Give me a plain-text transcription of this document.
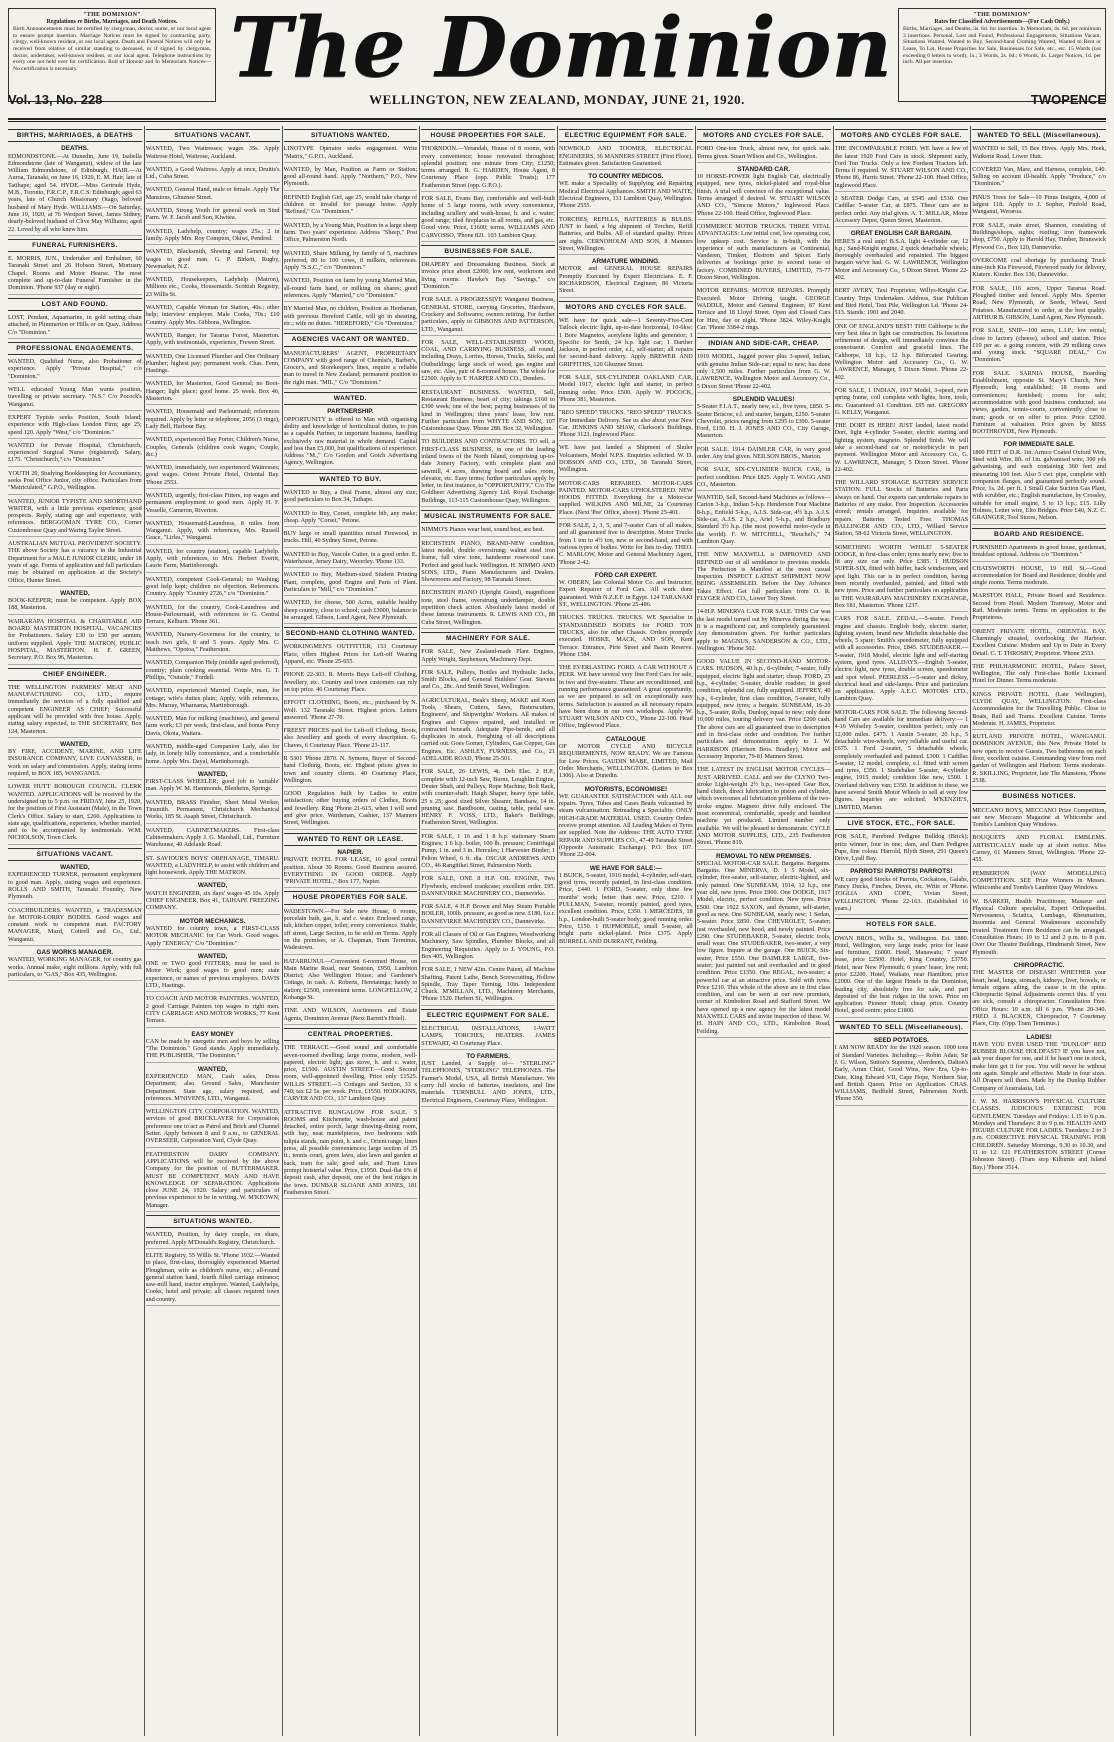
"THE DOMINION"
Regulations re Births, Marriages, and Death Notices.
Birth Announcements must be certified by clergyman, doctor, nurse, or our local agent to ensure prompt insertion. Marriage Notices must be signed by contracting party, clergy, well-known resident, or our local agent. Death and Funeral Notices will only be received from relative of similar standing to deceased, or if signed by clergyman, doctor, undertaker, well-known resident, or our local agent. Telephone instructions by every one not held over for certification. Roll of Honour and In Memoriam Notices—No certification is necessary.	The Dominion	"THE DOMINION"
Rates for Classified Advertisements—(For Cash Only.)
Births, Marriages, and Deaths, 3s. 6d. for insertion. In Memoriam, 4s. 6d. per minimum 3 insertions. Personal, Lost and Found, Professional Engagements, Situations Vacant, Situations Wanted, Wanted to Buy, Second-hand Clothing Wanted, Wanted to Rent or Lease, To Let, House Properties for Sale, Businesses for Sale, etc., etc. 15 Words (not exceeding 6 letters to word), 1s.; 3 Words, 2s. 6d.; 6 Words, 4s. Larger Notices, 1d. per inch. All per insertion.
WELLINGTON, NEW ZEALAND, MONDAY, JUNE 21, 1920.
Vol. 13, No. 228	TWOPENCE
BIRTHS, MARRIAGES, & DEATHS
DEATHS.
EDMONDSTONE.—At Dunedin, June 19, Isabella Edmondstone (late of Wanganui), widow of the late William Edmondstone, of Edinburgh. HAIR.—At Auroa, Taranaki, on June 16, 1920, E. M. Hair, late of Tatihape; aged 54. HYDE.—Miss Gertrude Hyde, M.B., Toronto, F.R.C.P., F.R.C.S. Edinburgh; aged 63 years, late of Church Missionary Otago, beloved husband of Mary Hyde. WILLIAMS.—On Saturday, June 19, 1920, at 76 Westport Street, James Sidney, dearly-beloved husband of Clive May Williams; aged 22. Loved by all who knew him.
FUNERAL FURNISHERS.
E. MORRIS, JUN., Undertaker and Embalmer, 60 Taranaki Street and 26 Hobson Street, Mortuary Chapel. Rooms and Motor Hearse. The most complete and up-to-date Funeral Furnisher in the Dominion. 'Phone 937 (day or night).
LOST AND FOUND.
LOST, Pendant, Aquamarine, in gold setting chain attached, in Plimmerton or Hills or on Quay. Address C/o "Dominion."
PROFESSIONAL ENGAGEMENTS.
WANTED, Qualified Nurse, also Probationer of experience. Apply "Private Hospital," c/o "Dominion."
WELL educated Young Man wants position, travelling or private secretary. "N.S." C/o Pocock's Wanganui.
EXPERT Typiste seeks Position, South Island; experience with High-class London Firm; age 25; speed 120. Apply "West," c/o "Dominion."
WANTED for Private Hospital, Christchurch, experienced Surgical Nurse (registered). Salary, £175. "Christchurch," c/o "Dominion."
YOUTH 20, Studying Bookkeeping for Accountancy, seeks Post Office Junior, city office. Particulars from "Matriculated," G.P.O., Wellington.
WANTED, JUNIOR TYPISTE AND SHORTHAND WRITER, with a little previous experience; good prospects. Reply, stating age and experience, with references. BERGGOMAN TYRE CO., Corner Customhouse Quay and Waring Taylor Street.
AUSTRALIAN MUTUAL PROVIDENT SOCIETY. THE above Society has a vacancy in the Industrial Department for a MALE JUNIOR CLERK, under 18 years of age. Forms of application and full particulars may be obtained on application at the Society's Office, Hunter Street.
WANTED,
BOOK-KEEPER; must be competent. Apply BOX 188, Masterton.
WAIRARAPA HOSPITAL & CHARITABLE AID BOARD. MASTERTON HOSPITAL. VACANCIES for Probationers. Salary £30 to £50 per annum; uniform supplied. Apply THE MATRON, PUBLIC HOSPITAL, MASTERTON. H. F. GREEN, Secretary. P.O. Box 96, Masterton.
CHIEF ENGINEER.
THE WELLINGTON FARMERS' MEAT AND MANUFACTURING CO., LTD., require immediately the services of a fully qualified and competent ENGINEER AS CHIEF; Successful applicant will be provided with free house. Apply, stating salary expected, to THE SECRETARY, Box 124, Masterton.
WANTED,
BY FIRE, ACCIDENT, MARINE, AND LIFE INSURANCE COMPANY, LIVE CANVASSER, to work on salary and commission. Apply, stating terms required, to BOX 185, WANGANUI.
LOWER HUTT BOROUGH COUNCIL. CLERK WANTED. APPLICATIONS will be received by the undersigned up to 5 p.m. on FRIDAY, June 25, 1920, for the position of First Assistant (Male), in the Town Clerk's Office. Salary to start, £260. Applications to state age, qualifications, experience, whether married, and to be accompanied by testimonials. W.M. NICHOLSON, Town Clerk.
SITUATIONS VACANT.
WANTED,
EXPERIENCED TURNER, permanent employment to good man. Apply, stating wages and experience. ROLLS AND SMITH, Taranaki Foundry, New Plymouth.
COACHBUILDERS. WANTED, a TRADESMAN for MOTOR-LORRY BODIES. Good wages and constant work to competent man. FACTORY MANAGER, Mazd, Cottrell and Co., Ltd., Wanganui.
GAS WORKS MANAGER.
WANTED, WORKING MANAGER, for country gas works. Annual make, eight millions. Apply, with full particulars, to "GAS," Box 435, Wellington.
SITUATIONS VACANT.
WANTED, Two Waitresses; wages 35s. Apply Waitrose Hotel, Waitrose, Auckland.
WANTED, a Good Waitress. Apply at once, Druitts's Ltd., Cuba Street.
WANTED, General Hand, male or female. Apply The Mansions, Ghuznee Street.
WANTED, Strong Youth for general work on Stud Farm. W. F. Jacob and Son, Kiwitea.
WANTED, Ladyhelp, country; wages 25s.; 2 in family. Apply Mrs. Roy Compton, Okiwi, Pendred.
WANTED, Blacksmith, Shoeing and General; top wages to good man. G. P. Birkett, Rugby, Newmarket, N.Z.
WANTED, Housekeepers, Ladyhelp (Matron), Millions etc., Cooks, Housemaids. Scottish Registry, 23 Willis St.
WANTED, Capable Woman for Station, 40s.; other help; interview employer. Male Cooks, 70s.; £10 Country. Apply Mrs. Gibbons, Wellington.
WANTED, Ranger, for Tararua Forest, Masterton. Apply, with testimonials, experience, Frewen Street.
WANTED, One Licensed Plumber and One Ordinary Plumber; highest pay; permanent work. Chas. Fenn, Hastings.
WANTED, for Masterton, Good General; no Boot-Hanger; light place; good home. 25 week. Box 46, Masterton.
WANTED, Housemaid and Parlourmaid; references required. Apply by letter or telephone, 2056 (3 rings), Lady Bell, Harbour Bay.
WANTED, experienced Bay Porter, Children's Nurse, Couples, Generals (children cook wages, Couple, &c.)
WANTED, immediately, two experienced Waitresses; good wages. Orient Private Hotel, Oriental Bay. 'Phone 2553.
WANTED, urgently, first-class Fitters, top wages and permanent employment to good men. Apply H. F. Vesselle, Cameron, Riverton.
WANTED, Housemaid-Laundress, 8 miles from Wanganui. Apply, with references, Mrs. Russell Grace, "Lirles," Wanganui.
WANTED, for country (station), capable Ladyhelp. Apply, with references, to Mrs. Herbert Everitt, Laurie Farm, Martinborough.
WANTED, competent Cook-General; no Washing; good help kept; children no objection. References. Country. Apply "Country 2726," c/o "Dominion."
WANTED, for the country, Cook-Laundress and House-Parlourmaid, with references to G. Central Terrace, Kelburn. 'Phone 361.
WANTED, Nursery-Governess for the country, to teach two girls, 8 and 5 years. Apply Mrs. C. Matthews, "Opotoa," Featherston.
WANTED, Companion Help (middle aged preferred), country; plain cooking essential. Write Mrs. G. T. Phillips, "Outside," Fordell.
WANTED, experienced Married Couple, man, for cottage; wife's duties plain; Apply, with references, Mrs. Murray, Whareama, Martinborough.
WANTED, Man for milking (machines), and general farm work; £3 per week, first-class, and bonus Percy Davis, Okoia, Waitara.
WANTED, middle-aged Companion Lady, also for lady, in lonely hilly convenience, and a comfortable home. Apply Mrs. Dayal, Martinborough.
WANTED,
FIRST-CLASS WHEELER; good job to 'suitable' man. Apply W. M. Hammonds, Blenheim, Springs.
WANTED, BRASS Finisher, Sheet Metal Worker, Tinsmith. Permanent, Christchurch Mechanical Works, 185 St. Asaph Street, Christchurch.
WANTED, CABINETMAKERS. First-class Cabinetmakers. Apply J. G. Marshall, Ltd., Furniture Warehouse, 40 Adelaide Road.
ST. SAVIOUR'S BOYS' ORPHANAGE, TIMARU. WANTED, a LADYHELP, to assist with children and light housework. Apply THE MATRON.
WANTED,
WATCH ENGINEER, six days' wages 45 10s. Apply CHIEF ENGINEER, Box 41, TAIHAPE FREEZING COMPANY.
MOTOR MECHANICS.
WANTED for country town, a FIRST-CLASS MOTOR MECHANIC for Car Work. Good wages. Apply "ENERGY," C/o "Dominion."
WANTED,
ONE or TWO good FITTERS; must be used to Motor Work; good wages to good men; state experience, or names of previous employers. DAVIS LTD., Hastings.
TO COACH AND MOTOR PAINTERS. WANTED, 2 good Carriage Painters top wages to right men. CITY CARRIAGE AND MOTOR WORKS, 77 Kent Terrace.
EASY MONEY
CAN be made by energetic men and boys by selling "The Dominion." Good stands. Apply immediately. THE PUBLISHER, "The Dominion."
WANTED,
EXPERIENCED MAN, Cash sales, Dress Department; also Ground Sales, Manchester Department. State age, salary required, and references. M'NIVEN'S, LTD., Wanganui.
WELLINGTON CITY CORPORATION. WANTED, services of good BRICKLAYER for Corporation; preference one to act as Patrol and Brick and Channel Setter. Apply between 8 and 9 a.m., to GENERAL OVERSEER, Corporation Yard, Clyde Quay.
FEATHERSTON DAIRY COMPANY. APPLICATIONS will be received by the above Company for the position of BUTTERMAKER. MUST BE COMPETENT MAN AND HAVE KNOWLEDGE OF SEPARATION. Applications close JUNE 24, 1920. Salary and particulars of previous experience to be in writing. W. M'KEOWN, Manager.
SITUATIONS WANTED.
WANTED, Position, by dairy couple, on share, preferred. Apply M'Donald's Registry, Christchurch.
ELITE Registry, 55 Willis St. 'Phone 1932.—Wanted to place, first-class, thoroughly experienced Married Ploughman, wife as children's nurse, etc.; all-round general station hand, fourth filled carriage entrance; saw-mill hand, tractor employee. Wanted, Ladyhelps, Cooks, hotel and private; all classes required town and country.
SITUATIONS WANTED.
LINOTYPE Operator seeks engagement. Write "Matrix," G.P.O., Auckland.
WANTED, by Man, Position as Farm or Station; good all-round hand. Apply "Northern," P.O., New Plymouth.
REFINED English Girl, age 25, would take charge of children or invalid for passage home. Apply "Refined," C/o "Dominion."
WANTED, by a Young Man, Position in a large sheep farm. Two years' experience. Address "Sheep," Post Office, Palmerston North.
WANTED, Share Milking, by family of 5, machines preferred, 80 to 100 cows, if milkers, references. Apply "S.S.C.," c/o "Dominion."
WANTED, Position on farm by young Married Man, all-round farm hand, or milking on shares; good references. Apply "Married," c/o "Dominion."
BY Married Man, no children, Position as Herdsman, with previous Hereford Cattle, will go in shearing, etc.; wife no duties. "HEREFORD," C/o "Dominion."
AGENCIES VACANT OR WANTED.
MANUFACTURERS' AGENT, PROPRIETARY COMPANY with good range of Chemist's, Barber's, Grocer's, and Storekeeper's lines, require a reliable man to travel in New Zealand; permanent position to the right man. "MIL," C/o "Dominion."
WANTED.
PARTNERSHIP.
OPPORTUNITY is offered to Man with organising ability and knowledge of horticultural duties, to join as a capable Partner, in important business, handling exclusively raw material in whole demand. Capital and less than £5,000, but qualifications of experience. Address "M.," C/o Gordon and Gotch Advertising Agency, Wellington.
WANTED TO BUY.
WANTED to Buy, a Deal Frame, almost any size; good particulars to Box 34, Taihape.
WANTED to Buy, Corset, complete bib, any make; cheap. Apply "Corset," Petone.
BUY large or small quantities mixed Firewood, in trucks. Hill, 40 Sydney Street, Petone.
WANTED to Buy, Vascole Cutter, in a good order. E. Waterhouse, Jersey Dairy, Waverley. 'Phone 133.
WANTED to Buy, Medium-sized Student Printing Plant, complete, good Engine and Parts of Plant. Particulars to "Mill," c/o "Dominion."
WANTED, for cheese, 500 Acres, suitable healthy sheep country, close to school; cash £3000, balance to be arranged. Gibson, Land Agent, New Plymouth.
SECOND-HAND CLOTHING WANTED.
WORKINGMEN'S OUTFITTER, 153 Courtenay Place, offers Highest Prices for Left-off Wearing Apparel, etc. 'Phone 25-655.
PHONE 22-303. R. Morris Buys Left-off Clothing, Jewellery, etc. Country and town customers can rely on top price. 46 Courtenay Place.
EFFOTT CLOTHING, Boots, etc., purchased by N. Wolf. 132 Taranaki Street. Highest prices. Letters answered. 'Phone 27-70.
FREEST PRICES paid for Left-off Clothing, Boots, also Jewellery and goods of every description. G. Chaves, 6 Courtenay Place. 'Phone 23-117.
R 5301 'Phone 2870. N. Symons, Buyer of Second-hand Clothing, Boots, etc. Highest prices given to town and country clients. 40 Courtenay Place, Wellington.
GOOD Regulation built by Ladies to entire satisfaction; other buying orders of Clothes, Boots and Jewellery. Ring 'Phone 21-615, when I will send and give price. Wardsman, Cashier, 137 Manners Street, Wellington.
WANTED TO RENT OR LEASE.
NAPIER.
PRIVATE HOTEL FOR LEASE, 16 good central position. About 30 Rooms. Good Business assured. EVERYTHING IN GOOD ORDER. Apply "PRIVATE HOTEL," Box 177, Napier.
HOUSE PROPERTIES FOR SALE.
WADESTOWN.—For Sale new House, 6 rooms, porcelain bath, gas, h. and c. water. Enclosed range, tub, kitchen copper, toilet; every convenience. Stable, off street, Large Section, to be sold on Terms. Apply on the premises, or A. Chapman, Tram Terminus, Wadestown.
HATARRUNUI.—Convenient 6-roomed House, on Main Marine Road, near Seatoun, £950, Lambton District; Also Wellington House; and Gardener's Cottage, in cash. A. Roberts, Heretaunga; handy to station; £2500, convenient terms. LONGFELLOW, 2 Kohanga St.
TINE AND WILSON, Auctioneers and Estate Agents, Dominion Avenue (Next Barrett's Hotel).
CENTRAL PROPERTIES.
THE TERRACE.—Good sound and comfortable seven-roomed dwelling; large rooms, modern, well-papered, electric light, gas stove, h. and c. water, price, £1500. AUSTIN STREET.—Good Second room, well-appointed dwelling, Price only £1525. WILLIS STREET.—3 Cottages and Section, 33 x 740; tax £2 5s. per week. Price, £1550. HODGKINS, CARVER AND CO., 137 Lambton Quay.
ATTRACTIVE BUNGALOW FOR SALE. 5 ROOMS and Kitchenette, wash-house and patent detached, entire porch, large drawing-dining room, with bay, neat mantelpieces, two bedrooms with tulipia stands, rain point, h. and c., Orient range, linen press, all possible conveniences; large section of 35 ft.; tennis court, green lawn, also lawn and garden at back, tram for sale, good sale, and Tram Lines prompt hoisterial value. Price, £1950. Dual-flat 6% if deposit cash, after deposit, one of the best ridges in the town. DUNBAR SLOANE AND JONES, 181 Featherston Street.
HOUSE PROPERTIES FOR SALE.
THORNDON.—Verandah, House of 8 rooms, with every convenience; house renovated throughout; splendid position; one minute from City; £1250; terms arranged. R. G. HARDEN, House Agent, 8 Courtenay Place (opp. Public Trusts); 177 Featherston Street (opp. G.P.O.).
FOR SALE, Evans Bay, comfortable and well-built home of 5 large rooms, with every convenience, including scullery and wash-house, h. and c. water; good range; tiled fireplaces in all rooms, and gas, etc. Good view. Price, £1600; terms. WILLIAMS AND CARVOSSO, 'Phone 821. 103 Lambton Quay.
BUSINESSES FOR SALE.
DRAPERY and Dressmaking Business. Stock at invoice price about £2000, low rent, workroom and living rooms. Hawke's Bay. "Savings," c/o "Dominion."
FOR SALE. A PROGRESSIVE Wanganui Business, GENERAL STORE, carrying Groceries, Hardware, Crockery and Softwares; owners retiring. For further particulars, apply to GIBBONS AND PATTERSON, LTD., Wanganui.
FOR SALE, WELL-ESTABLISHED WOOD, COAL, AND CARRYING BUSINESS, all round, including Drays, Lorries, Horses, Trucks, Sticks, and Outbuildings; large stock of wood; gas engine and saw, etc. Also, pair of 8-roomed house. The whole for £2500. Apply to T. HARPER AND CO., Denders.
RESTAURANT BUSINESS. WANTED, Sell, Restaurant Business, heart of city; takings £160 to £300 week; one of the best; paying businesses of its kind in Wellington; three years' lease, low rent. Further particulars from WHYTE AND SON, 107 Customhouse Quay. 'Phone 288. Box 32, Wellington.
TO BUILDERS AND CONTRACTORS. TO sell, a FIRST-CLASS BUSINESS, in one of the leading inland towns of the North Island, comprising up-to-date Joinery Factory, with complete plant and sawmill, 4 acres, drawing board and sales room, elevator, etc. Easy terms; further particulars apply by letter, in first instance, to "OPPORTUNITY," C/o The Goldbeer Advertising Agency Ltd. Royal Exchange Buildings, 113-115 Customhouse Quay, Wellington.
MUSICAL INSTRUMENTS FOR SALE.
NIMMO'S Pianos wear best, sound best, are best.
RECHSTEIN PIANO, BRAND-NEW condition, latest model, double overstrung; walnut steel iron frame, full view tone, handsome rosewood case. Perfect and good back. Wellington. H. NIMMO AND SONS, LTD., Piano Manufacturers and Dealers. Showrooms and Factory, 98 Taranaki Street.
BECHSTEIN PIANO (Upright Grand), magnificent tone, steel frame, overstrung underdamper, double repetition check action. Absolutely latest model of these famous instruments. R. LEWIS AND CO., 88 Cuba Street, Wellington.
MACHINERY FOR SALE.
FOR SALE, New Zealand-made Plant Engines, Apply Wright, Stephenson, Machinery Dept.
FOR SALE, Pulleys, Bottles and Hydraulic Jacks, Smith Blocks, and General Builders' Gear. Stevens and Co., 28c. And Smith Street, Wellington.
AGRICULTURAL, Beak's Sheep, MAKE and Keen Tools, Shears, Cutters, Saws, Bisterscutters, Engineers', and Shipwrights' Workers. All makes of Engines and Cupees repaired, and installed or contracted beneath. Adequate Pipe-bends, and all duplicates in stock. Freighting of all descriptions carried out. Goes Gomer, Cylinders, Gas Copper, Gas Engines, Etc. ASHLEY, FURNESS, and Co., 21 ADELAIDE ROAD, 'Phone 25-501.
FOR SALE, 26 LEWIS, 4t. Deh Elec. 2 H.P., complete with 12-inch Saw, Burns, Loughlin Engine, Deuter Shaft, and Pulleys, Rope Machine, Bolt Rack, with counter-shaft. Haigh Shaper, heavy type table, 25 x 25; good sized Silver Shearer, Bandsaw, 14 in. pruning saw. Bandboom, casting, table, pedal saw. HENRY F. VOSS, LTD., Baker's Buildings, Featherston Street, Wellington.
FOR SALE, 1 16 and 1 8 h.p. stationary Steam Engines; 1 6 h.p. boiler, 100 lb. pressure; Centrifugal Pump, 1 in. and 3 in. Hercules; 1 Harvester Binder; 1 Pelton Wheel, 6 ft. dia. OSCAR ANDREWS AND CO., 46 Rangitikei Street, Palmerston North.
FOR SALE, ONE 8 H.P. OIL ENGINE, Two Flywheels, enclosed crankcase; excellent order. £95. DANNEVIRKE MACHINERY CO., Dannevirke.
FOR SALE, 4 H.P. Brown and May Steam Portable BOILER, 100lb. pressure, as good as new. £180, f.o.r. DANNEVIRKE MACHINERY CO., Dannevirke.
FOR all Classes of Oil or Gas Engines, Woodworking Machinery, Saw Spindles, Plumber Blocks, and all Engineering Requisites. Apply to J. YOUNG, P.O. Box 405, Wellington.
FOR SALE, 1 NEW 42in. Centre Patent, all Machine Shafting, Patent Lathe, Bench Screwcutting, Hollow Spindle, Tray Taper Turning, 10in. Independent Chuck. M'MILLAN, LTD., Machinery Merchants, 'Phone 1520. Herbert St., Wellington.
ELECTRIC EQUIPMENT FOR SALE.
ELECTRICAL INSTALLATIONS, 1-WATT LAMPS, TORCHES, HEATERS. JAMES STEWART, 43 Courtenay Place.
TO FARMERS.
JUST Landed, a Supply of— "STERLING" TELEPHONES, "STERLING" TELEPHONES. The Farmer's Model, USA, all British Manufacture. We carry full stocks of batteries, insulators, and line materials. TURNBULL AND JONES, LTD., Electrical Engineers, Courtenay Place, Wellington.
ELECTRIC EQUIPMENT FOR SALE.
NEWBOLD AND TOOMER, ELECTRICAL ENGINEERS, 36 MANNERS STREET (First Floor). Estimates given. Satisfaction Guaranteed.
TO COUNTRY MEDICOS.
WE make a Speciality of Supplying and Repairing Medical Electrical Appliances. SMITH AND WAITE, Electrical Engineers, 131 Lambton Quay, Wellington. 'Phone 2555.
TORCHES, REFILLS, BATTERIES & BULBS. JUST to hand, a big shipment of Torches, Refill Batteries, and Bulbs. All of standard quality. Prices are right. CERNOHOLM AND SON, 8 Manners Street, Wellington.
ARMATURE WINDING.
MOTOR and GENERAL HOUSE REPAIRS Promptly Executed by Expert Electricians. E. F. RICHARDSON, Electrical Engineer, 86 Victoria Street.
MOTORS AND CYCLES FOR SALE.
WE have for quick sale—1 Seventy-Five-Cent Tatlock electric light, up-to-date horizontal, 10-6kw; 1 Bore Magnetos, acetylene lights and generator; 1 Specific for Smith, 24 h.p. light car; 1 Darther Jackson, in perfect order, e.l., self-starter; all repairs for second-hand delivery. Apply BREWER AND GRIFFITHS, 120 Ghuznee Street.
FOR SALE, SIX-CYLINDER OAKLAND CAR, Model 1917, electric light and starter, in perfect running order. Price £500. Apply W. POCOCK, 'Phone 381, Masterton.
"REO SPEED" TRUCKS. "REO SPEED" TRUCKS. For Immediate Delivery. See us also about your New Car. JENKINS AND SHAW, Clarkson's Buildings, 'Phone 3123. Inglewood Place.
WE have just landed a Shipment of Shuler Volcanisers, Model N.P.S. Enquiries solicited. W. D. DOBSON AND CO., LTD., 38 Taranaki Street, Wellington.
MOTOR-CARS REPAIRED. MOTOR-CARS PAINTED. MOTOR-CARS UPHOLSTERED. NEW HOODS FITTED. Everything for a Motor-car supplied. WILKINS AND MILNE, 2a Courtenay Place. (Next 'Pee' Office, above). 'Phone 25-401.
FOR SALE, 2, 3, 5, and 7-seater Cars of all makes, and all guaranteed free to description. Motor Trucks from 1 ton to 4½ ton, new or second-hand, and with various types of bodies. Write for lists to-day. THEO. C. MARLOW, Motor and General Machinery Agent, 'Phone 2-42.
FORD CAR EXPERT.
W. OBERN, late Colonial Motor Co. and Instructor, Expert Repairer of Ford Cars. All work done guaranteed. With N.Z.E.F. in Egypt. 124 TARANAKI ST., WELLINGTON. 'Phone 25-486.
TRUCKS. TRUCKS. TRUCKS. WE Specialise in STANDARDISED BODIES for FORD TON TRUCKS, also for other Chassis. Orders promptly executed. HOSKE, MACK, AND SON, Kent Terrace. Entrance, Pirie Street and Basin Reserve. 'Phone 1584.
THE EVERLASTING FORD. A CAR WITHOUT A PEER. WE have several very fine Ford Cars for sale, in two and five-seaters. These are reconditioned, and running performance guaranteed. A great opportunity, as we are prepared to sell on exceptionally easy terms. Satisfaction is assured as all necessary repairs have been done in our own workshops. Apply W. STUART WILSON AND CO., 'Phone 22-100. Head Office, Inglewood Place.
CATALOGUE
OF MOTOR CYCLE AND BICYCLE REQUIREMENTS, NOW READY. We are Famous for Low Prices. GAUDIN MABE, LIMITED, Mail Order Merchants, WELLINGTON. (Letters to Box 1306). Also at Dunedin.
MOTORISTS, ECONOMISE!
WE GUARANTEE SATISFACTION with ALL our repairs. Tyres, Tubes and Cases Beads vulcanised by steam vulcanisation. Retreading a Speciality. ONLY HIGH-GRADE MATERIAL USED. Country Orders receive prompt attention. All Leading Makes of Tyres are supplied. Note the Address: THE AUTO TYRE REPAIR AND SUPPLIES CO., 47-49 Taranaki Street (Opposite Automatic Exchange). P.O. Box 107. 'Phone 22-004.
WE HAVE FOR SALE:—
1 BUICK, 5-seater, 1916 model, 4-cylinder, self-start, good tyres, recently painted, in first-class condition. Price, £440. 1 FORD, 5-seater, only done few months' work; better than new. Price, £210. 1 PULLMAN, 5-seater, recently painted, good tyres, excellent condition. Price, £350. 1 MERCEDES, 18 h.p., London-built 5-seater body; good running order. Price, £150. 1 HUPMOBILE, small 5-seater, all bright parts nickel-plated. Price £375. Apply BURRELL AND DURRANT, Feilding.
MOTORS AND CYCLES FOR SALE.
FORD One-ton Truck, almost new, for quick sale. Terms given. Stuart Wilson and Co., Wellington.
STANDARD CAR.
10 HORSE-POWER light English Car, electrically equipped, new tyres, nickel-plated and royal-blue finish. A trial will convince of the exceptional value. Terms arranged if desired. W. STUART WILSON AND CO., "Simcoe Motors," Inglewood Place. 'Phone 22-100. Head Office, Inglewood Place.
COMMERCE MOTOR TRUCKS. THREE VITAL ADVANTAGES: Low initial cost, low operating cost, low upkeep cost. Service is in-built, with the experience of such manufacturers as Continental, Vanderen, Timken, Ekstrom and Spicer. Early deliveries at bookings prior to second issue of factory. COMBINED BUYERS, LIMITED, 75-77 Dixon Street, Wellington.
MOTOR REPAIRS. MOTOR REPAIRS. Promptly Executed. Motor Driving taught. GEORGE WADDLE, Motor and General Engineer, 87 Kent Terrace and 18 Lloyd Street. Open and Closed Cars for Hire, day or night. 'Phone 3824. Wiley-Knight Car. 'Phone 3384-2 rings.
INDIAN AND SIDE-CAR, CHEAP.
1919 MODEL, Jagged power plus 3-speed, Indian, with genuine Indian Side-car; equal to new; has done only 1,500 miles. Further particulars from G. W. LAWRENCE, Wellington Motor and Accessory Co., 5 Dixon Street 'Phone 22-402.
SPLENDID VALUES!
5-Seater F.I.A.T., nearly new, e.l., five tyres, £850. 5-Seater Briscoe, e.l. and starter, bargain, £250. 5-seater Chevrolet, prices ranging from £295 to £390. 5-seater Ford, £150. H. J. JONES AND CO., City Garage, Masterton.
FOR SALE. 1914 DAIMLER CAR, in very good order. Any trial given. NEILSON BROS., Marton.
FOR SALE, SIX-CYLINDER BUICK CAR, in perfect condition. Price £825. Apply T. WAGG AND CO., Masterton.
WANTED, Sell, Second-hand Machines as follows—Carton 3-h.p., Indian 5-h.p. Henderson Four Machine 8-h.p., Enfield 5-h.p., A.J.S. Side-car, 4½ h.p. A.J.S. Side-car, A.J.S. 2 h.p., Ariel 5-h.p., and Bradbury Standard 3½ h.p. (the most powerful motor-cycle in the world). F. W. MITCHELL, "Reuchel's," 74 Lambton Quay.
THE NEW MAXWELL is IMPROVED AND REFINED out of all semblance to previous models. The Perfection is Manifest at the most casual inspection. INSPECT LATEST SHIPMENT NOW BEING ASSEMBLED. Before the Day Advance Takes Effect. Get full particulars from O. R. FLYGER AND CO., Lower Tory Street.
14-H.P. MINERVA CAR FOR SALE. THIS Car was the last model turned out by Minerva during the war. It is a magnificent car, and completely guaranteed. Any demonstration given. For further particulars apply to MAGNUS, SANDERSON & CO., LTD., Wellington. 'Phone 502.
GOOD VALUE IN SECOND-HAND MOTOR-CARS. HUDSON, 40 h.p., 6-cylinder, 7-seater, fully equipped, electric light and starter; cheap. FORD, 25 h.p., 4-cylinder, 5-seater, double roadster, in good condition, splendid car, fully equipped. JEFFREY, 40 h.p., 6-cylinder, first class condition, 5-seater, fully equipped, new tyres; a bargain. SUNBEAM, 16-20 h.p., 5-seater, Rolls, Dunlop; equal to new; only done 10,000 miles, touring delivery van. Price £200 cash. The above cars are all guaranteed true to description and in first-class order and condition. For further particulars and demonstration apply to J. W. HARRISON (Harrison Bros. Bradley), Motor and Accessory Importer, 79-81 Manners Street.
THE LATEST IN ENGLISH MOTOR CYCLES—JUST ARRIVED. CALL and see the CLYNO Two-stroke Light-weight 2½ h.p., two-speed Gear Box, hand clutch, direct lubrication to piston and cylinder, which overcomes all lubrication problems of the two-stroke engine. Magneto drive fully enclosed. The most economical, comfortable, speedy and handiest machine yet produced. Limited number only available. We will be pleased to demonstrate. CYCLE AND MOTOR SUPPLIES, LTD., 235 Featherston Street. 'Phone 819.
REMOVAL TO NEW PREMISES.
SPECIAL MOTOR-CAR SALE. Bargains. Bargains. Bargains. One MINERVA, D. 1 5 Model, six-cylinder, five-seater, self-starter, electric-lighted, and only painted. One SUNBEAM, 1914, 12 h.p., one year old, new tyres. Price £900. One DODGE, 1917 Model, electric, perfect condition. New tyres. Price £500. One 1922 SAXON, and dynamo, self-starter, good as new. One SUNBEAM, nearly new; 1 Sedan, 5-seater. Price £850. One CHEVROLET, 5-seater; just overhauled, new hood, and newly painted. Price £290. One STUDEBAKER, 5-seater, electric tools, small wear. One STUDEBAKER, two-seater, a very low figure. Inquire at the garage. One BUICK, Six-seater, Price £550. One DAIMLER LARGE, five-seater; just painted out and overhauled and in good condition. Price £1350. One REGAL, two-seater; a powerful car at an attractive price. Sold with tyres. Price £210. This whole of the above are in first class condition, and can be seen at our new premises, corner of Kimbolton Road and Stafford Street. We have opened up a new agency for the latest model MAXWELL CARS and invite inspection of these. W. H. HAIN AND CO., LTD., Kimbolton Road, Feilding.
MOTORS AND CYCLES FOR SALE.
THE INCOMPARABLE FORD. WE have a few of the latest 1920 Ford Cars in stock. Shipment early, Ford Ton Trucks. Only a few Fordson Tractors left. Terms if required. W. STUART WILSON AND CO., 'Phone 86, Harris Street. 'Phone 22-100. Head Office, Inglewood Place.
2 SEATER Dodge Cars, at £545 and £530. One Cadillac 5-seater Car, at £875. These cars are in perfect order. Any trial given. A. T. MILLAR, Motor Accessory Depot, Queen Street, Masterton.
GREAT ENGLISH CAR BARGAIN.
HERE'S a real snip! B.S.A. light 4-cylinder car, 12 h.p.; Sand-Knight engine, 2 quick detachable wheels; thoroughly overhauled and repainted. The biggest bargain we've had. G. W. LAWRENCE, Wellington Motor and Accessory Co., 5 Dixon Street. 'Phone 22-402.
BERT AVERY, Taxi Proprietor, Willys-Knight Car. Country Trips Undertaken. Address, Star Publican and Bird Hotel, Taxi Pile, Wellington Ld. 'Phone 24-513. Stands: 1901 and 2040.
ONE OF ENGLAND'S BEST! THE Calthorpe is the very best idea in light car construction. Its luxurious refinement of design, will immediately convince the connoisseur. Comfort and graceful lines. The Calthorpe, 18 h.p., 12 h.p. Bifurcated Gearing. Wellington Motor and Accessory Co., G. W. LAWRENCE, Manager, 5 Dixon Street. 'Phone 22-402.
FOR SALE, 1 INDIAN, 1917 Model, 3-speed, twin spring frame, coil complete with lights, horn, tools, etc. Guaranteed A1 Condition. £95 net. GREGORY G. KELLY, Wanganui.
THE DORT IS HERE! JUST landed, latest model Dort, light 4-cylinder 5-seater, electric starting and lighting system, magneto. Splendid finish. We will take a second-hand car or motorbicycle in part payment. Wellington Motor and Accessory Co., G. W. LAWRENCE, Manager, 5 Dixon Street. 'Phone 22-402.
THE WILLARD STORAGE BATTERY SERVICE STATION. FULL Stocks of Batteries and Parts always on hand. Our experts can undertake repairs to Batteries of any make. Free Inspection. Accessories stored; rentals arranged. Inquiries available for repairs. Batteries Tested Free. THOMAS BALLINGER AND CO., LTD., Willard Service Station, 58-62 Victoria Street, WELLINGTON.
SOMETHING WORTH WHILE! 5-SEATER DODGE, in first-class order; tyres nearly new; five to fit any size car only. Price £385. 1 HUDSON SUPER-SIX, fitted with buffer, back windscreen, and spot light. This car is in perfect condition, having been recently overhauled, painted, and fitted with new tyres. Price and further particulars on application to THE WAIRARAPA MACHINERY EXCHANGE, Box 181, Masterton. 'Phone 1237.
CARS FOR SALE. ZEDAL.—5-seater. French engine and chassis. English body, electric starter, lighting system, brand new Michelin detachable disc wheels, 5 spare: Smith's speedometer, fully equipped with all accessories. Price, £845. STUDEBAKER.—5-seater, 1918 Model, electric light and self-starting system, good tyres. ALLDAYS.—English 5-seater, electric light, new tyres, double screen, speedometer and spot wheel. PEERLESS.—5-seater and dickey, electrical head and side-lamps. Price and particulars on application. Apply A.E.C. MOTORS LTD., Lambton Quay.
MOTOR-CARS FOR SALE. The following Second-hand Cars are available for immediate delivery:— 1 4-16 Wolseley 5-seater, condition perfect; only run 12,000 miles. £475. 1 Austin 5-seater, 20 h.p., 5 detachable wire-wheels, very reliable and useful car. £675. 1 Ford 2-seater, 5 detachable wheels, completely overhauled and painted. £300. 1 Cadillac 5-seater, 12 model, complete, e.l. fitted with screen and tyres, £350. 1 Studebaker 5-seater, 4-cylinder engine, 1915 model; condition like new, £500. 1 Overland delivery van; £350. In addition to these, we have several Smith Motor Wheels to sell at very low figures. Inquiries are solicited. M'KENZIE'S, LIMITED, Marton.
LIVE STOCK, ETC., FOR SALE.
FOR SALE, Purebred Pedigree Bulldog (Brick); price winner, four in one; dam, and Dam Pedigree Pups, fine colour. Harrold, Blyth Street, 291 Queen's Drive, Lyall Bay.
PARROTS! PARROTS! PARROTS!
WE carry good Stocks of Parrots, Cockatoos, Galahs, Fancy Ducks, Finches, Doves, etc. Write or 'Phone. TOGLIA AND COPE, Vivian Street, WELLINGTON. 'Phone 22-163. (Established 16 years.)
HOTELS FOR SALE.
DWAN BROS., Willis St., Wellington. Est. 1880. Hotel, Wellington, very large trade; price for lease and furniture, £6000. Hotel, Manawatu; 7 years' lease, price £2500. Hotel, King Country, £3750. Hotel, near New Plymouth; 6 years' lease; low rent; price £2200. Hotel, Waikato, near Hamilton; price £2000. One of the largest Hotels in the Dominion, leading city, absolutely free for sale, and part deposited of the best ridges in the town. Price on application. Pioneer Hotel; cheap price. Country Hotel, good centre; price £1800.
WANTED TO SELL (Miscellaneous).
SEED POTATOES.
I AM NOW READY for the 1920 season. 1000 tons of Standard Varieties. Including:— Robin Adair, Sir J. G. Wilson, Sutton's Supreme, Aberdeen's, Dalton's Early, Arran Chief, Good Wins, New Era, Up-to-Date, King Edward VII, Cape Hope, Northern Star, and British Queen. Price on Application. CHAS. WILLIAMS, Bedfield Street, Palmerston North. 'Phone 350.
WANTED TO SELL (Miscellaneous).
WANTED to Sell, 15 Bee Hives. Apply Mrs. Heek, Waikerie Road, Lower Hutt.
COVERED Van, Mare, and Harness, complete, £40. Selling on account ill-health. Apply "Produce," c/o "Dominion."
PINUS Trees for Sale—10 Pinus Insignis, 4,000 of largest 11ft. Apply to J. Sopher, Pinfold Road, Wanganui, Weraroa.
FOR SALE, main street, Shannon, consisting of Buildings/shops, sights; roofing; iron framework shop, £750. Apply to Harold Hay, Timber, Brunswick Plywood Co., Box 120, Dannevirke.
OVERCOME coal shortage by purchasing Truck nine-inch Kia Firewood, Firewood ready for delivery, Kiatere. Kinder. Box 136, Dannevirke.
FOR SALE, 116 acres, Upper Tararua Road. Ploughed timber and fenced. Apply Mrs. Sperrier Road, New Plymouth, or Seeds, Wheat, Seed Potatoes. Manufactured to order, at the best quality. ARTHUR B. GIBSON, Land Agent, New Plymouth.
FOR SALE, SNIP—100 acres, L.I.P.; low rental; close to factory (cheese), school and station. Price £10 per ac. a going concern, with 29 milking cows and young stock. "SQUARE DEAL," C/o "Dominion."
FOR SALE. SARNIA HOUSE, Boarding Establishment, opposite St. Mary's Church, New Plymouth; long established; 18 rooms and conveniences; furnished; rooms for sale; accommodation with good business conducted; sea views, garden, tennis-courts, conveniently close to tram; goods or on offer to price. Price £2500. Furniture at valuation. Price given by MISS BOOTHROYDE, New Plymouth.
FOR IMMEDIATE SALE.
1800 FEET of D.R. 1in. Armco Coated Oxford Wire, Steel with Wire, 8ft. of 1in. galvanised wire, 300 yds galvanising, and each containing 360 feet and measuring 100 feet. Also 5 cwt. pipe, complete with companion flanges, and guaranteed perfectly sound. Price, 1s. 2d. per ft. 1 Small Cake Suction Gas Plant, with scrubber, etc.; English manufacture, by Crossley, suitable for small engine, 5 to 13 h.p.; £15. Lilly Holmes, Letter wire, Elto Bridges. Price £40, N.Z. C. GRAINGER, Tool Stores, Nelson.
BOARD AND RESIDENCE.
FURNISHED Apartments in good house, gentleman, breakfast optional. Address c/o "Dominion."
CHATSWORTH HOUSE, 19 Hill St.—Good accommodation for Board and Residence; double and single rooms. Terms moderate.
MARSTON HALL, Private Board and Residence. Second from Hotel. Modern Tramway, Motor and Rail. Moderate terms. Terms on application to the Proprietress.
ORIENT PRIVATE HOTEL, ORIENTAL BAY. Charmingly situated, overlooking the Harbour. Excellent Cuisine. Modern and Up to Date in Every Detail. C. T. THROSBY, Proprietor. 'Phone 2553.
THE PHILHARMONIC HOTEL, Palace Street, Wellington, The only First-class Bottle Licensed Hotel for Dinner. Terms moderate.
KINGS PRIVATE HOTEL (Late Wellington), CLYDE QUAY, WELLINGTON. First-class Accommodation for the Travelling Public. Close to Boats, Rail and Trams. Excellent Cuisine. Terms Moderate. H. JAMES, Proprietor.
RUTLAND PRIVATE HOTEL, WANGANUI. DOMINION AVENUE, this New Private Hotel is now open to receive Guests. Two bathrooms on each floor, excellent cuisine. Commanding view from roof garden of Wellington and Harbour. Terms moderate. R. SKILLING, Proprietor, late The Mansions, 'Phone 2538.
BUSINESS NOTICES.
MECCANO BOYS, MECCANO Prize Competition, see new Meccano Magazine at Whitcombe and Tombs's Lambton Quay Windows.
BOUQUETS AND FLORAL EMBLEMS. ARTISTICALLY made up at short notice. Miss Carney, 61 Manners Street, Wellington. 'Phone 22-455.
PEMBERTON (WAY MODELLING) COMPETITION. SEE Prize Winners in Messrs. Whitcombe and Tombs's Lambton Quay Windows.
W. BARKER, Health Practitioner, Masseur and Physical Culture specialist, Expert Orthopaedist. Nervousness, Sciatica, Lumbago, Rheumatism, Insomnia and General Weaknesses successfully treated. Treatment from Residence can be arranged. Consultation Hours: 10 to 12 and 2 p.m. to 8 p.m. Over Our Theatre Buildings, Hindmarsh Street, New Plymouth.
CHIROPRACTIC.
THE MASTER OF DISEASE! WHETHER your heart, head, lungs, stomach, kidneys, liver, bowels, or female organs ailing, the cause is in the spine. Chiropractic Spinal Adjustments correct this. If you are sick, consult a chiropractor. Consultation Free. Office Hours: 10 a.m. till 6 p.m. 'Phone 20-340. FRED. J. BLACKEN, Chiropractor, 7 Courtenay Place, City. (Opp. Tram Terminus.)
LADIES!
HAVE YOU EVER USED THE "DUNLOP" RED RUBBER BLOUSE HOLDFAST? IF you have not, ask your draper for one, and if he hasn't one in stock, make him get it for you. You will never be without one again. Simple and effective. Made in four sizes. All Drapers sell them. Made by the Dunlop Rubber Company of Australasia, Ltd.
J. W. M. HARRISON'S PHYSICAL CULTURE CLASSES. JUDICIOUS EXERCISE FOR GENTLEMEN. Tuesdays and Fridays: 1.15 to 6 p.m. Mondays and Thursdays: 8 to 9 p.m. HEALTH AND FIGURE CULTURE FOR LADIES. Tuesdays: 2 to 3 p.m. CORRECTIVE PHYSICAL TRAINING FOR CHILDREN. Saturday Mornings, 9.30 to 10.30, and 11 to 12. 121 FEATHERSTON STREET (Corner Johnston Street). (Tram stop Kilbirnie and Island Bay.) 'Phone 3514.
